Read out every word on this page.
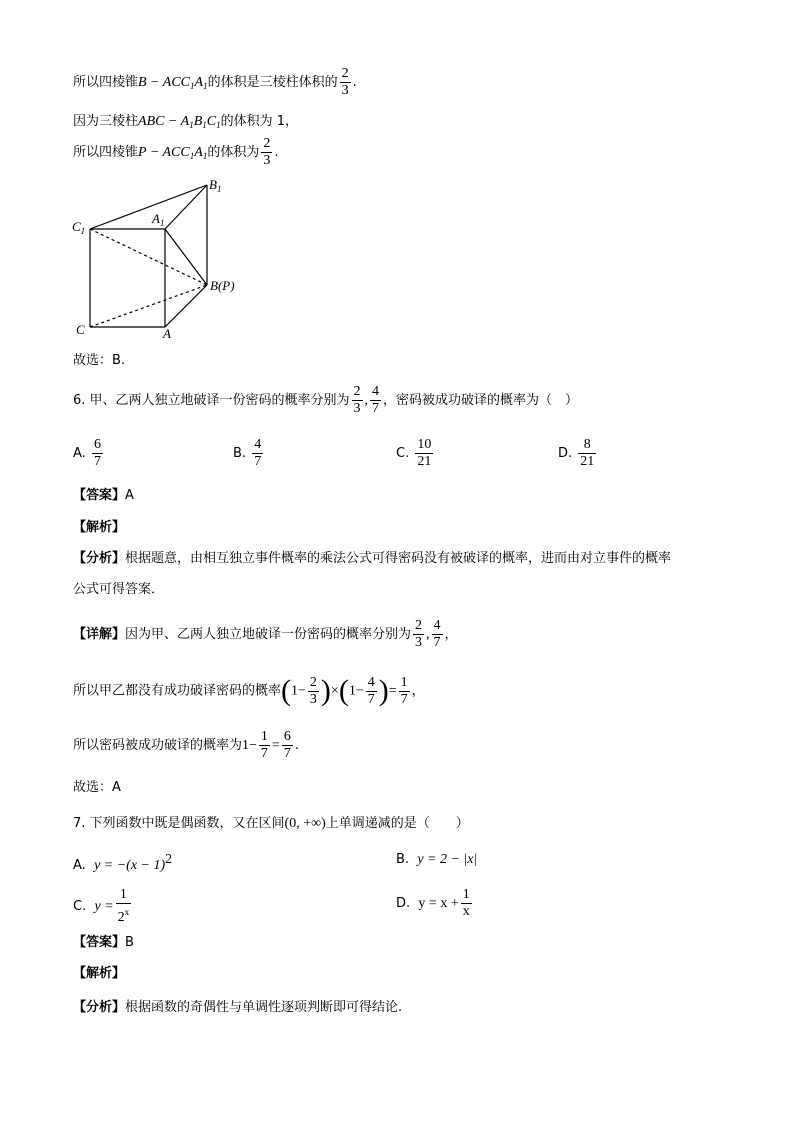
所以四棱锥$B - ACC_1A_1$的体积是三棱柱体积的 $\frac{2}{3}$ .
因为三棱柱ABC − $A_1B_1C_1$的体积为 1，
所以四棱锥$P - ACC_1A_1$的体积为 $\frac{2}{3}$ .
$B_1$
$A_1$
$C_1$
B(P)
C	A
故选：B.
6. 甲、乙两人独立地破译一份密码的概率分别为 $\frac{2}{3}$ , $\frac{4}{7}$ ，密码被成功破译的概率为（　）
A. $\frac{6}{7}$	B. $\frac{4}{7}$	C. $\frac{10}{21}$	D. $\frac{8}{21}$
【答案】A
【解析】
【分析】根据题意，由相互独立事件概率的乘法公式可得密码没有被破译的概率，进而由对立事件的概率
公式可得答案．
【详解】因为甲、乙两人独立地破译一份密码的概率分别为 $\frac{2}{3}$ , $\frac{4}{7}$ ，
所以甲乙都没有成功破译密码的概率$(1- \frac{2}{3} )\times(1- \frac{4}{7}$ )= $\frac{1}{7}$ ，
所以密码被成功破译的概率为$1- \frac{1}{7} = \frac{6}{7}$ .
故选：A
7. 下列函数中既是偶函数，又在区间(0, +∞)上单调递减的是（　　）
A. $y = -(x - 1)^2$	B. y = 2 − |x|
C. $y = \frac{1}{2^x}$	D. $y = x + \frac{1}{x}$
【答案】B
【解析】
【分析】根据函数的奇偶性与单调性逐项判断即可得结论.
